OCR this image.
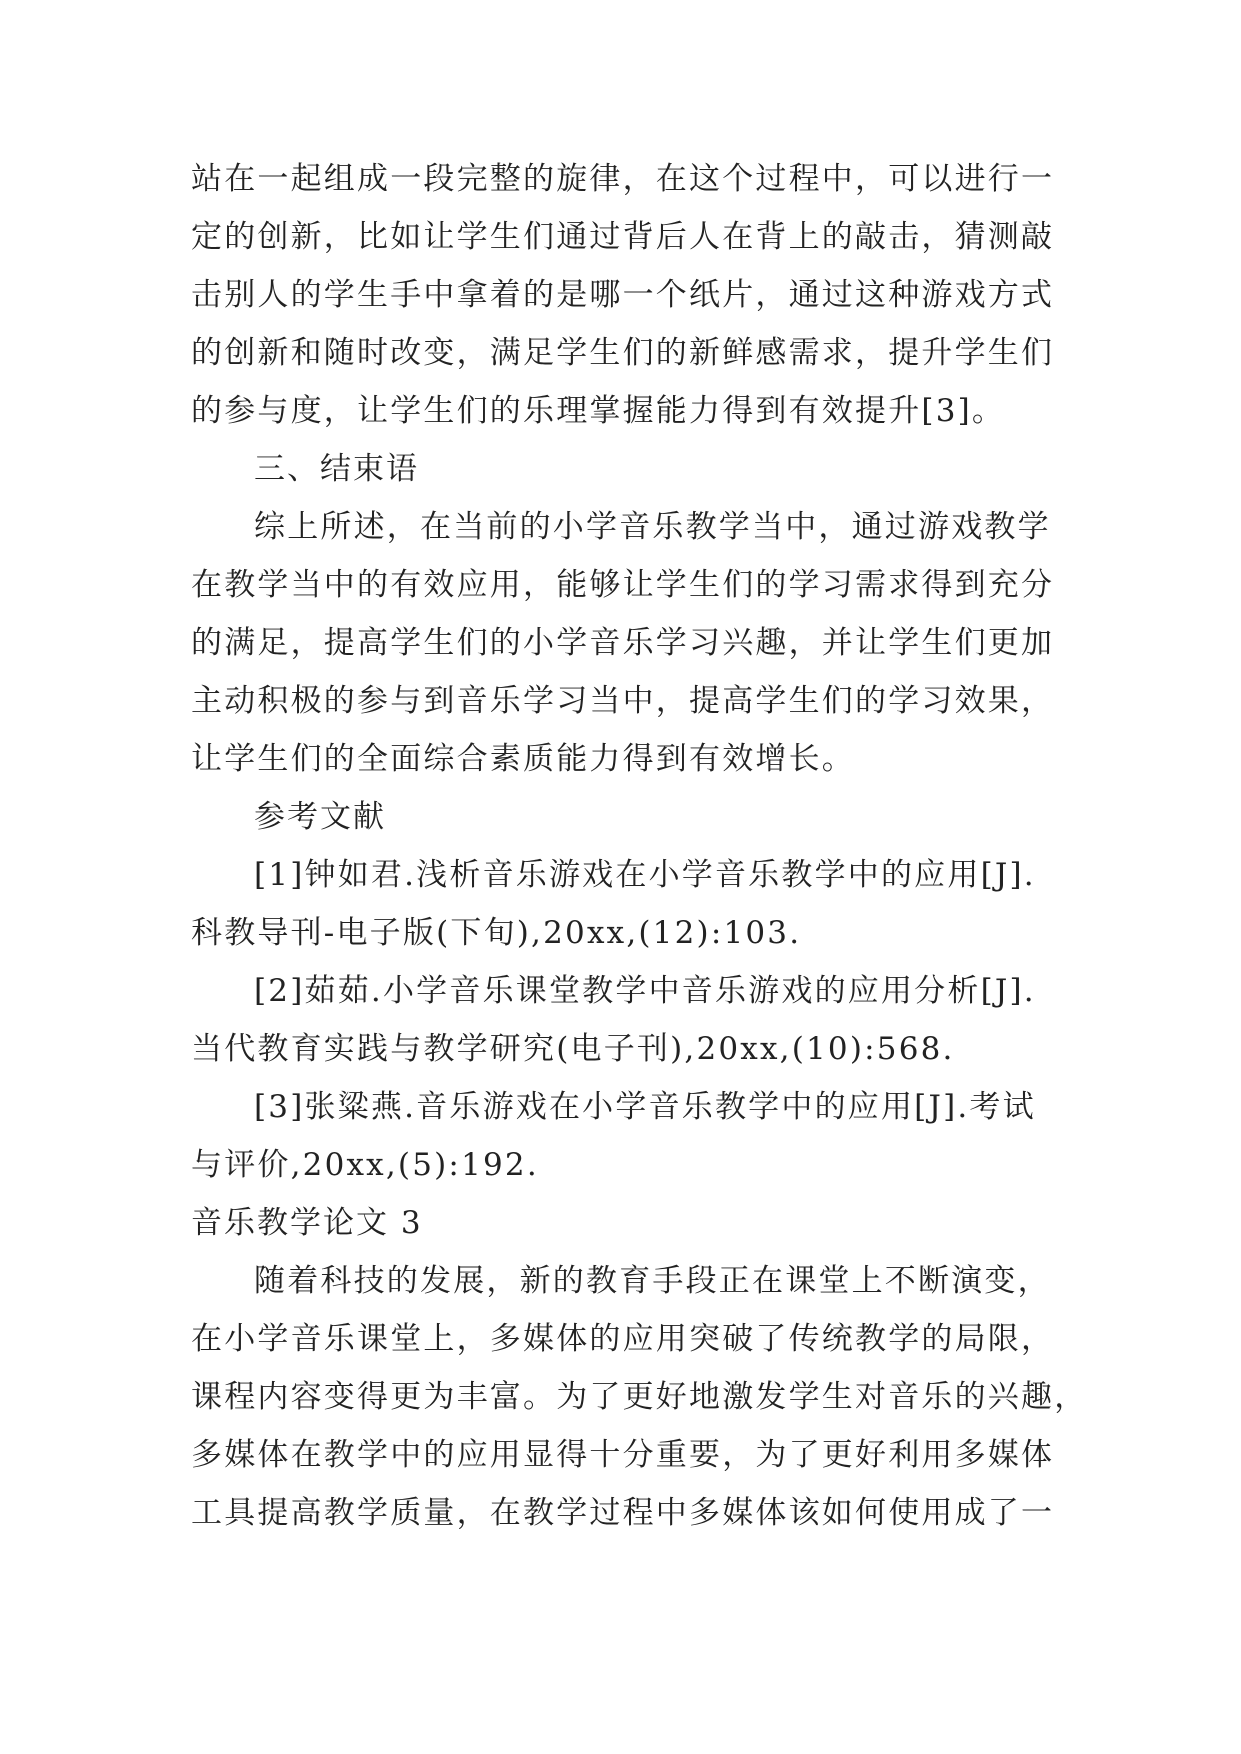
站在一起组成一段完整的旋律，在这个过程中，可以进行一
定的创新，比如让学生们通过背后人在背上的敲击，猜测敲
击别人的学生手中拿着的是哪一个纸片，通过这种游戏方式
的创新和随时改变，满足学生们的新鲜感需求，提升学生们
的参与度，让学生们的乐理掌握能力得到有效提升[3]。
三、结束语
综上所述，在当前的小学音乐教学当中，通过游戏教学
在教学当中的有效应用，能够让学生们的学习需求得到充分
的满足，提高学生们的小学音乐学习兴趣，并让学生们更加
主动积极的参与到音乐学习当中，提高学生们的学习效果，
让学生们的全面综合素质能力得到有效增长。
参考文献
[1]钟如君.浅析音乐游戏在小学音乐教学中的应用[J].
科教导刊-电子版(下旬),20xx,(12):103.
[2]茹茹.小学音乐课堂教学中音乐游戏的应用分析[J].
当代教育实践与教学研究(电子刊),20xx,(10):568.
[3]张粱燕.音乐游戏在小学音乐教学中的应用[J].考试
与评价,20xx,(5):192.
音乐教学论文 3
随着科技的发展，新的教育手段正在课堂上不断演变，
在小学音乐课堂上，多媒体的应用突破了传统教学的局限，
课程内容变得更为丰富。为了更好地激发学生对音乐的兴趣，
多媒体在教学中的应用显得十分重要，为了更好利用多媒体
工具提高教学质量，在教学过程中多媒体该如何使用成了一
